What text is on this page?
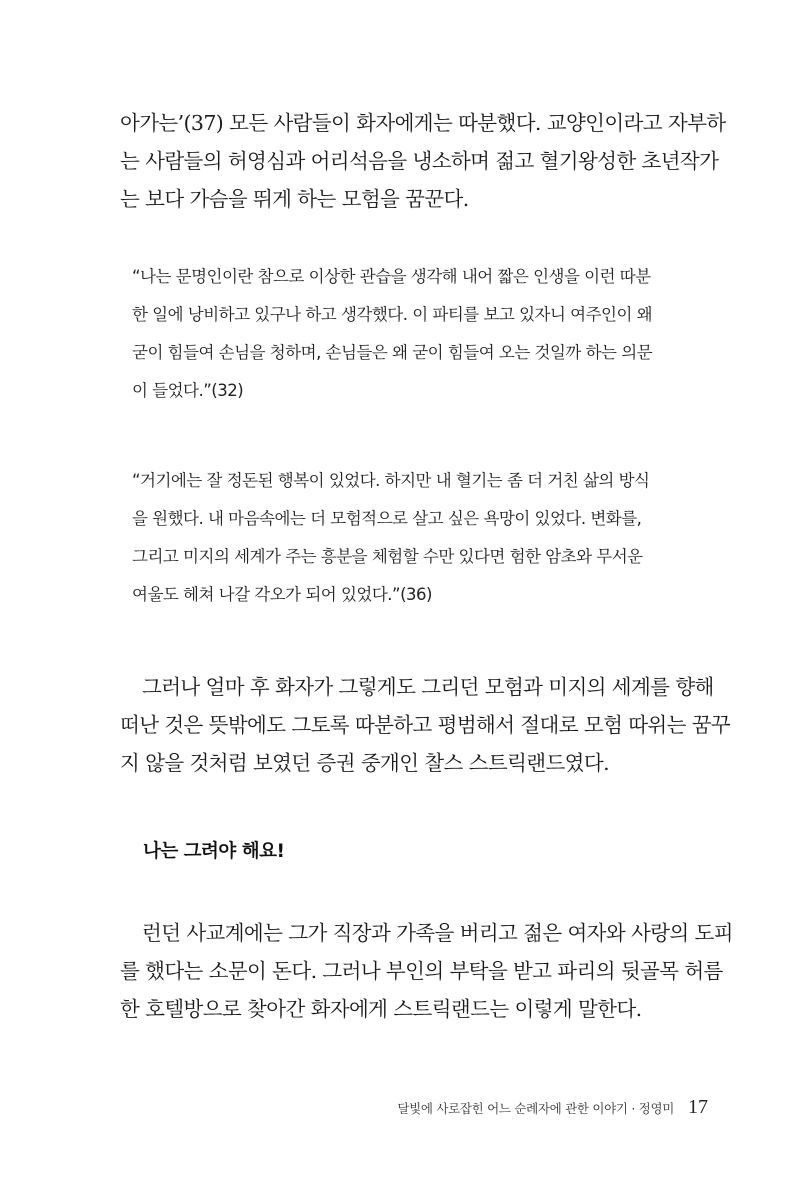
아가는’(37) 모든 사람들이 화자에게는 따분했다. 교양인이라고 자부하
는 사람들의 허영심과 어리석음을 냉소하며 젊고 혈기왕성한 초년작가
는 보다 가슴을 뛰게 하는 모험을 꿈꾼다.
“나는 문명인이란 참으로 이상한 관습을 생각해 내어 짧은 인생을 이런 따분
한 일에 낭비하고 있구나 하고 생각했다. 이 파티를 보고 있자니 여주인이 왜
굳이 힘들여 손님을 청하며, 손님들은 왜 굳이 힘들여 오는 것일까 하는 의문
이 들었다.”(32)
“거기에는 잘 정돈된 행복이 있었다. 하지만 내 혈기는 좀 더 거친 삶의 방식
을 원했다. 내 마음속에는 더 모험적으로 살고 싶은 욕망이 있었다. 변화를,
그리고 미지의 세계가 주는 흥분을 체험할 수만 있다면 험한 암초와 무서운
여울도 헤쳐 나갈 각오가 되어 있었다.”(36)
그러나 얼마 후 화자가 그렇게도 그리던 모험과 미지의 세계를 향해
떠난 것은 뜻밖에도 그토록 따분하고 평범해서 절대로 모험 따위는 꿈꾸
지 않을 것처럼 보였던 증권 중개인 찰스 스트릭랜드였다.
나는 그려야 해요!
런던 사교계에는 그가 직장과 가족을 버리고 젊은 여자와 사랑의 도피
를 했다는 소문이 돈다. 그러나 부인의 부탁을 받고 파리의 뒷골목 허름
한 호텔방으로 찾아간 화자에게 스트릭랜드는 이렇게 말한다.
달빛에 사로잡힌 어느 순례자에 관한 이야기 · 정영미 17
